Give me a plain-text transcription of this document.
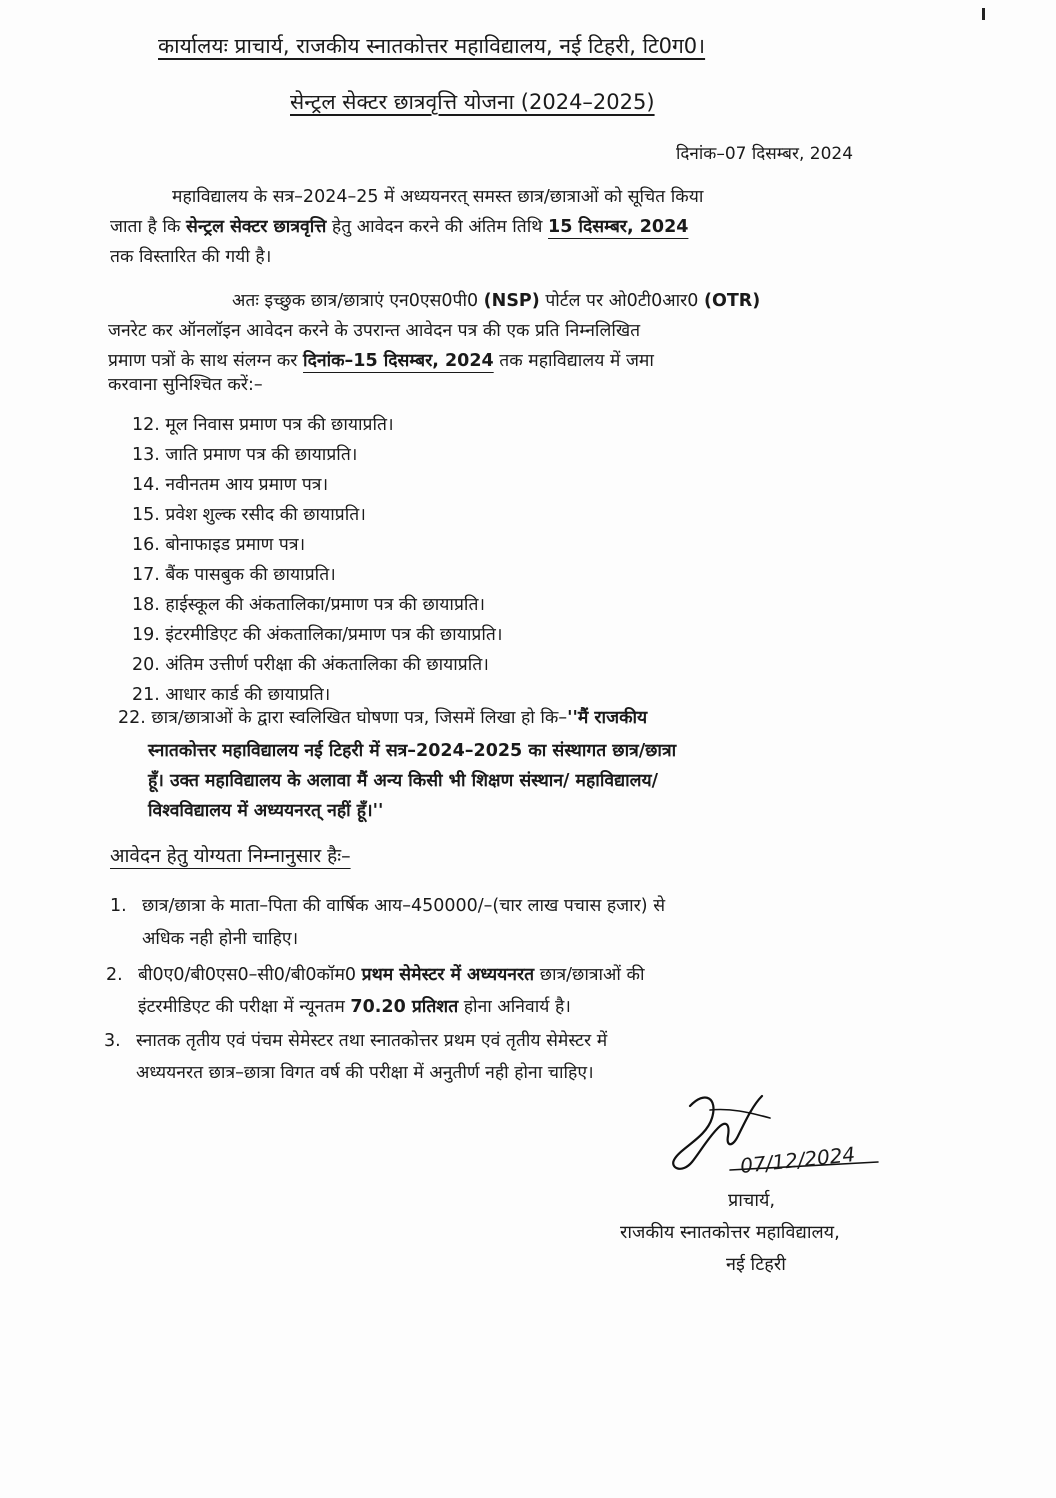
कार्यालयः प्राचार्य, राजकीय स्नातकोत्तर महाविद्यालय, नई टिहरी, टि0ग0।
सेन्ट्रल सेक्टर छात्रवृत्ति योजना (2024–2025)
दिनांक–07 दिसम्बर, 2024
महाविद्यालय के सत्र–2024–25 में अध्ययनरत् समस्त छात्र/छात्राओं को सूचित किया
जाता है कि सेन्ट्रल सेक्टर छात्रवृत्ति हेतु आवेदन करने की अंतिम तिथि 15 दिसम्बर, 2024
तक विस्तारित की गयी है।
अतः इच्छुक छात्र/छात्राएं एन0एस0पी0 (NSP) पोर्टल पर ओ0टी0आर0 (OTR)
जनरेट कर ऑनलॉइन आवेदन करने के उपरान्त आवेदन पत्र की एक प्रति निम्नलिखित
प्रमाण पत्रों के साथ संलग्न कर दिनांक–15 दिसम्बर, 2024 तक महाविद्यालय में जमा
करवाना सुनिश्चित करें:–
12. मूल निवास प्रमाण पत्र की छायाप्रति।
13. जाति प्रमाण पत्र की छायाप्रति।
14. नवीनतम आय प्रमाण पत्र।
15. प्रवेश शुल्क रसीद की छायाप्रति।
16. बोनाफाइड प्रमाण पत्र।
17. बैंक पासबुक की छायाप्रति।
18. हाईस्कूल की अंकतालिका/प्रमाण पत्र की छायाप्रति।
19. इंटरमीडिएट की अंकतालिका/प्रमाण पत्र की छायाप्रति।
20. अंतिम उत्तीर्ण परीक्षा की अंकतालिका की छायाप्रति।
21. आधार कार्ड की छायाप्रति।
22. छात्र/छात्राओं के द्वारा स्वलिखित घोषणा पत्र, जिसमें लिखा हो कि–''मैं राजकीय
स्नातकोत्तर महाविद्यालय नई टिहरी में सत्र–2024–2025 का संस्थागत छात्र/छात्रा
हूँ। उक्त महाविद्यालय के अलावा मैं अन्य किसी भी शिक्षण संस्थान/ महाविद्यालय/
विश्वविद्यालय में अध्ययनरत् नहीं हूँ।''
आवेदन हेतु योग्यता निम्नानुसार हैः–
1. छात्र/छात्रा के माता–पिता की वार्षिक आय–450000/–(चार लाख पचास हजार) से
अधिक नही होनी चाहिए।
2. बी0ए0/बी0एस0–सी0/बी0कॉम0 प्रथम सेमेस्टर में अध्ययनरत छात्र/छात्राओं की
इंटरमीडिएट की परीक्षा में न्यूनतम 70.20 प्रतिशत होना अनिवार्य है।
3. स्नातक तृतीय एवं पंचम सेमेस्टर तथा स्नातकोत्तर प्रथम एवं तृतीय सेमेस्टर में
अध्ययनरत छात्र–छात्रा विगत वर्ष की परीक्षा में अनुतीर्ण नही होना चाहिए।
07/12/2024
प्राचार्य,
राजकीय स्नातकोत्तर महाविद्यालय,
नई टिहरी
